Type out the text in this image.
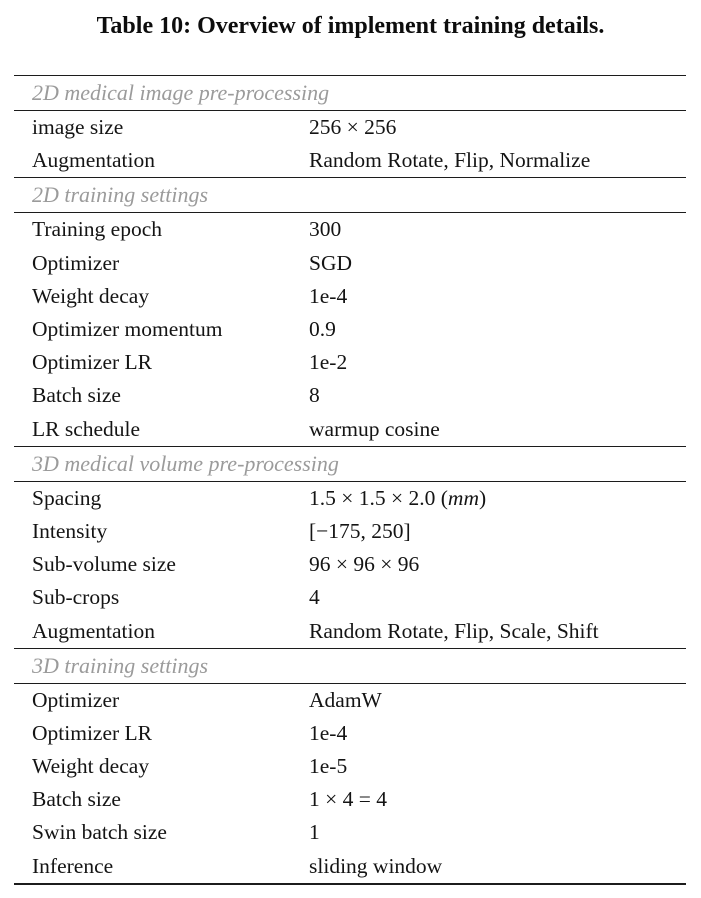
Table 10: Overview of implement training details.
2D medical image pre-processing
image size	256 × 256
Augmentation	Random Rotate, Flip, Normalize
2D training settings
Training epoch	300
Optimizer	SGD
Weight decay	1e-4
Optimizer momentum	0.9
Optimizer LR	1e-2
Batch size	8
LR schedule	warmup cosine
3D medical volume pre-processing
Spacing	1.5 × 1.5 × 2.0 (mm)
Intensity	[−175, 250]
Sub-volume size	96 × 96 × 96
Sub-crops	4
Augmentation	Random Rotate, Flip, Scale, Shift
3D training settings
Optimizer	AdamW
Optimizer LR	1e-4
Weight decay	1e-5
Batch size	1 × 4 = 4
Swin batch size	1
Inference	sliding window
